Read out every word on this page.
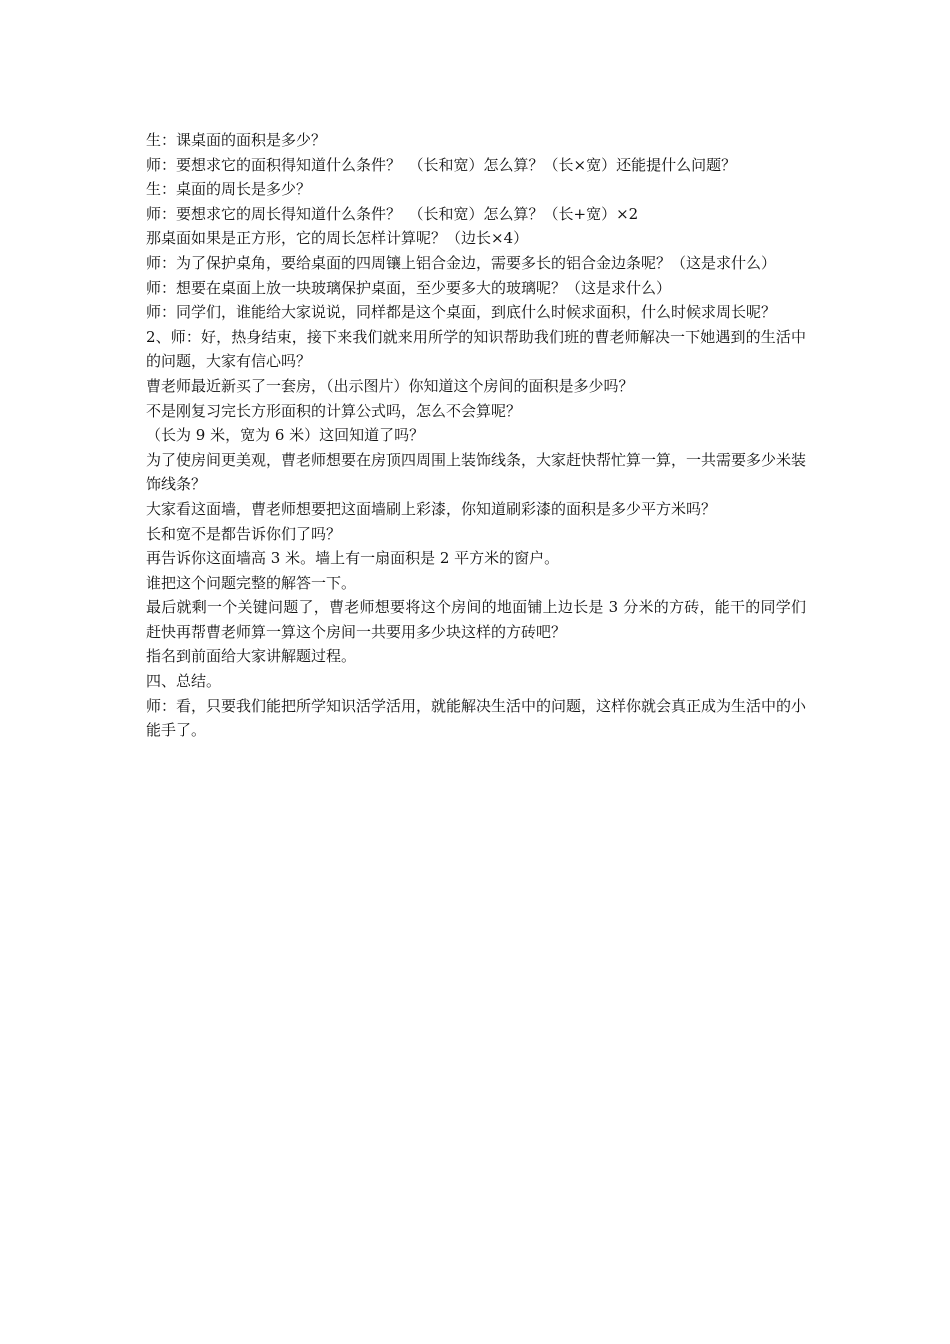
生：课桌面的面积是多少？

师：要想求它的面积得知道什么条件？　（长和宽）怎么算？（长×宽）还能提什么问题？

生：桌面的周长是多少？

师：要想求它的周长得知道什么条件？　（长和宽）怎么算？（长+宽）×2

那桌面如果是正方形，它的周长怎样计算呢？（边长×4）

师：为了保护桌角，要给桌面的四周镶上铝合金边，需要多长的铝合金边条呢？（这是求什么）

师：想要在桌面上放一块玻璃保护桌面，至少要多大的玻璃呢？（这是求什么）

师：同学们，谁能给大家说说，同样都是这个桌面，到底什么时候求面积，什么时候求周长呢？

2、师：好，热身结束，接下来我们就来用所学的知识帮助我们班的曹老师解决一下她遇到的生活中的问题，大家有信心吗？

曹老师最近新买了一套房，（出示图片）你知道这个房间的面积是多少吗？

不是刚复习完长方形面积的计算公式吗，怎么不会算呢？

（长为 9 米，宽为 6 米）这回知道了吗？

为了使房间更美观，曹老师想要在房顶四周围上装饰线条，大家赶快帮忙算一算，一共需要多少米装饰线条？

大家看这面墙，曹老师想要把这面墙刷上彩漆，你知道刷彩漆的面积是多少平方米吗？

长和宽不是都告诉你们了吗？

再告诉你这面墙高 3 米。墙上有一扇面积是 2 平方米的窗户。

谁把这个问题完整的解答一下。

最后就剩一个关键问题了，曹老师想要将这个房间的地面铺上边长是 3 分米的方砖，能干的同学们赶快再帮曹老师算一算这个房间一共要用多少块这样的方砖吧？

指名到前面给大家讲解题过程。

四、总结。

师：看，只要我们能把所学知识活学活用，就能解决生活中的问题，这样你就会真正成为生活中的小能手了。
